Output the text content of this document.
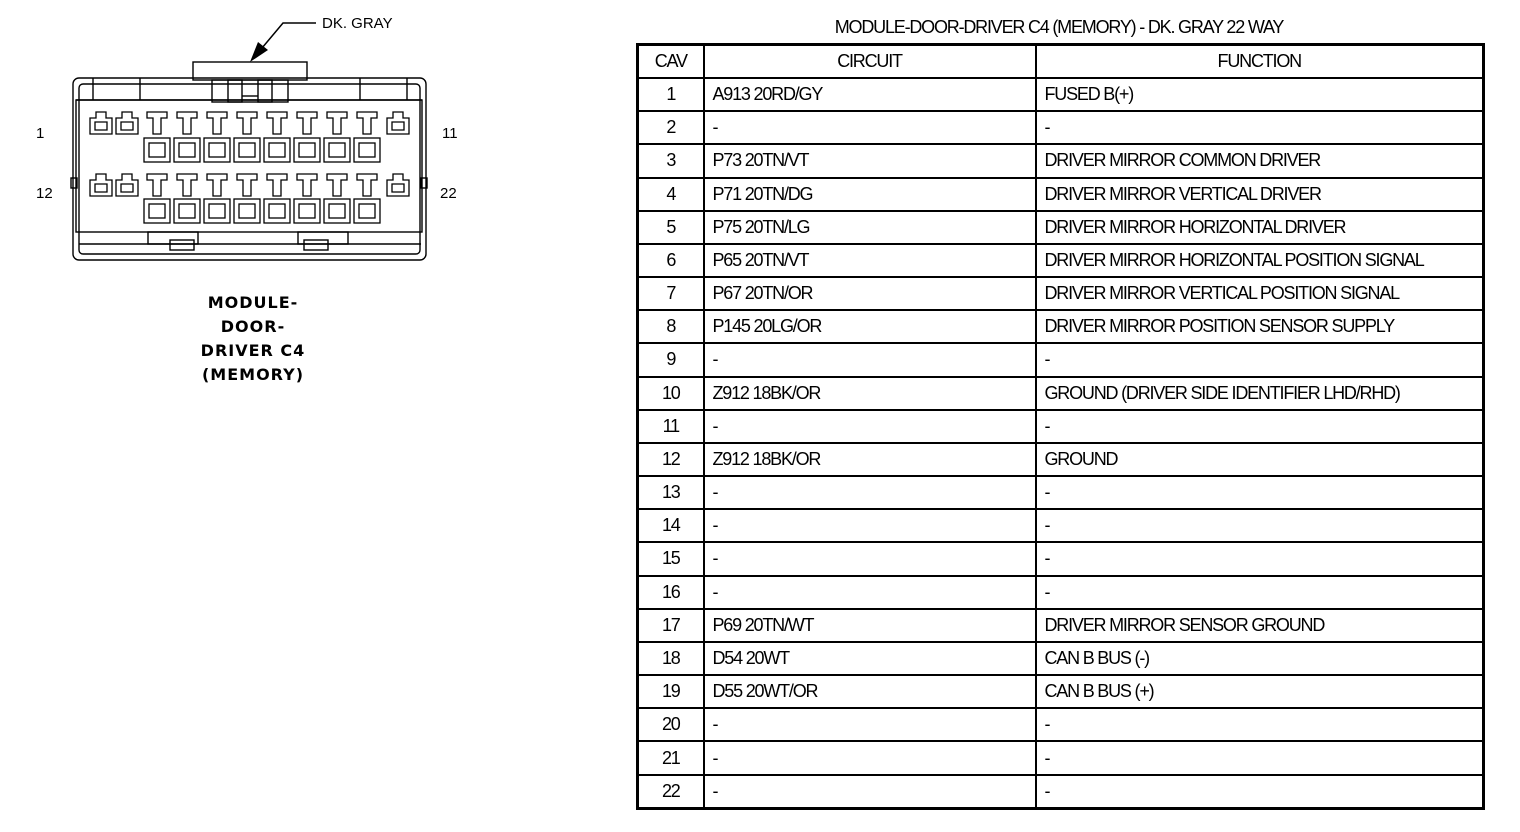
DK. GRAY
1	11
12	22
MODULE-
DOOR-
DRIVER C4
(MEMORY)
MODULE-DOOR-DRIVER C4 (MEMORY) - DK. GRAY 22 WAY
CAV	CIRCUIT	FUNCTION
1	A913 20RD/GY	FUSED B(+)
2	-	-
3	P73 20TN/VT	DRIVER MIRROR COMMON DRIVER
4	P71 20TN/DG	DRIVER MIRROR VERTICAL DRIVER
5	P75 20TN/LG	DRIVER MIRROR HORIZONTAL DRIVER
6	P65 20TN/VT	DRIVER MIRROR HORIZONTAL POSITION SIGNAL
7	P67 20TN/OR	DRIVER MIRROR VERTICAL POSITION SIGNAL
8	P145 20LG/OR	DRIVER MIRROR POSITION SENSOR SUPPLY
9	-	-
10	Z912 18BK/OR	GROUND (DRIVER SIDE IDENTIFIER LHD/RHD)
11	-	-
12	Z912 18BK/OR	GROUND
13	-	-
14	-	-
15	-	-
16	-	-
17	P69 20TN/WT	DRIVER MIRROR SENSOR GROUND
18	D54 20WT	CAN B BUS (-)
19	D55 20WT/OR	CAN B BUS (+)
20	-	-
21	-	-
22	-	-
